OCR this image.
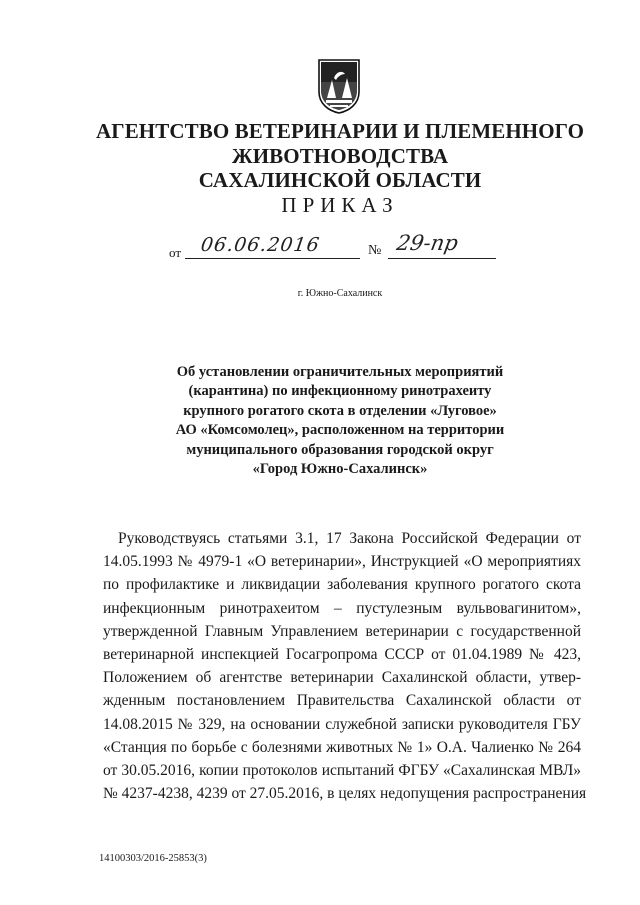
АГЕНТСТВО ВЕТЕРИНАРИИ И ПЛЕМЕННОГО
ЖИВОТНОВОДСТВА
САХАЛИНСКОЙ ОБЛАСТИ
ПРИКАЗ
от 06.06.2016	№ 29-пр
г. Южно-Сахалинск
Об установлении ограничительных мероприятий
(карантина) по инфекционному ринотрахеиту
крупного рогатого скота в отделении «Луговое»
АО «Комсомолец», расположенном на территории
муниципального образования городской округ
«Город Южно-Сахалинск»
Руководствуясь статьями 3.1, 17 Закона Российской Федерации от
14.05.1993 № 4979-1 «О ветеринарии», Инструкцией «О мероприятиях
по профилактике и ликвидации заболевания крупного рогатого скота
инфекционным ринотрахеитом – пустулезным вульвовагинитом»,
утвержденной Главным Управлением ветеринарии с государственной
ветеринарной инспекцией Госагропрома СССР от 01.04.1989 № 423,
Положением об агентстве ветеринарии Сахалинской области, утвер-
жденным постановлением Правительства Сахалинской области от
14.08.2015 № 329, на основании служебной записки руководителя ГБУ
«Станция по борьбе с болезнями животных № 1» О.А. Чалиенко № 264
от 30.05.2016, копии протоколов испытаний ФГБУ «Сахалинская МВЛ»
№ 4237-4238, 4239 от 27.05.2016, в целях недопущения распространения
14100303/2016-25853(3)
